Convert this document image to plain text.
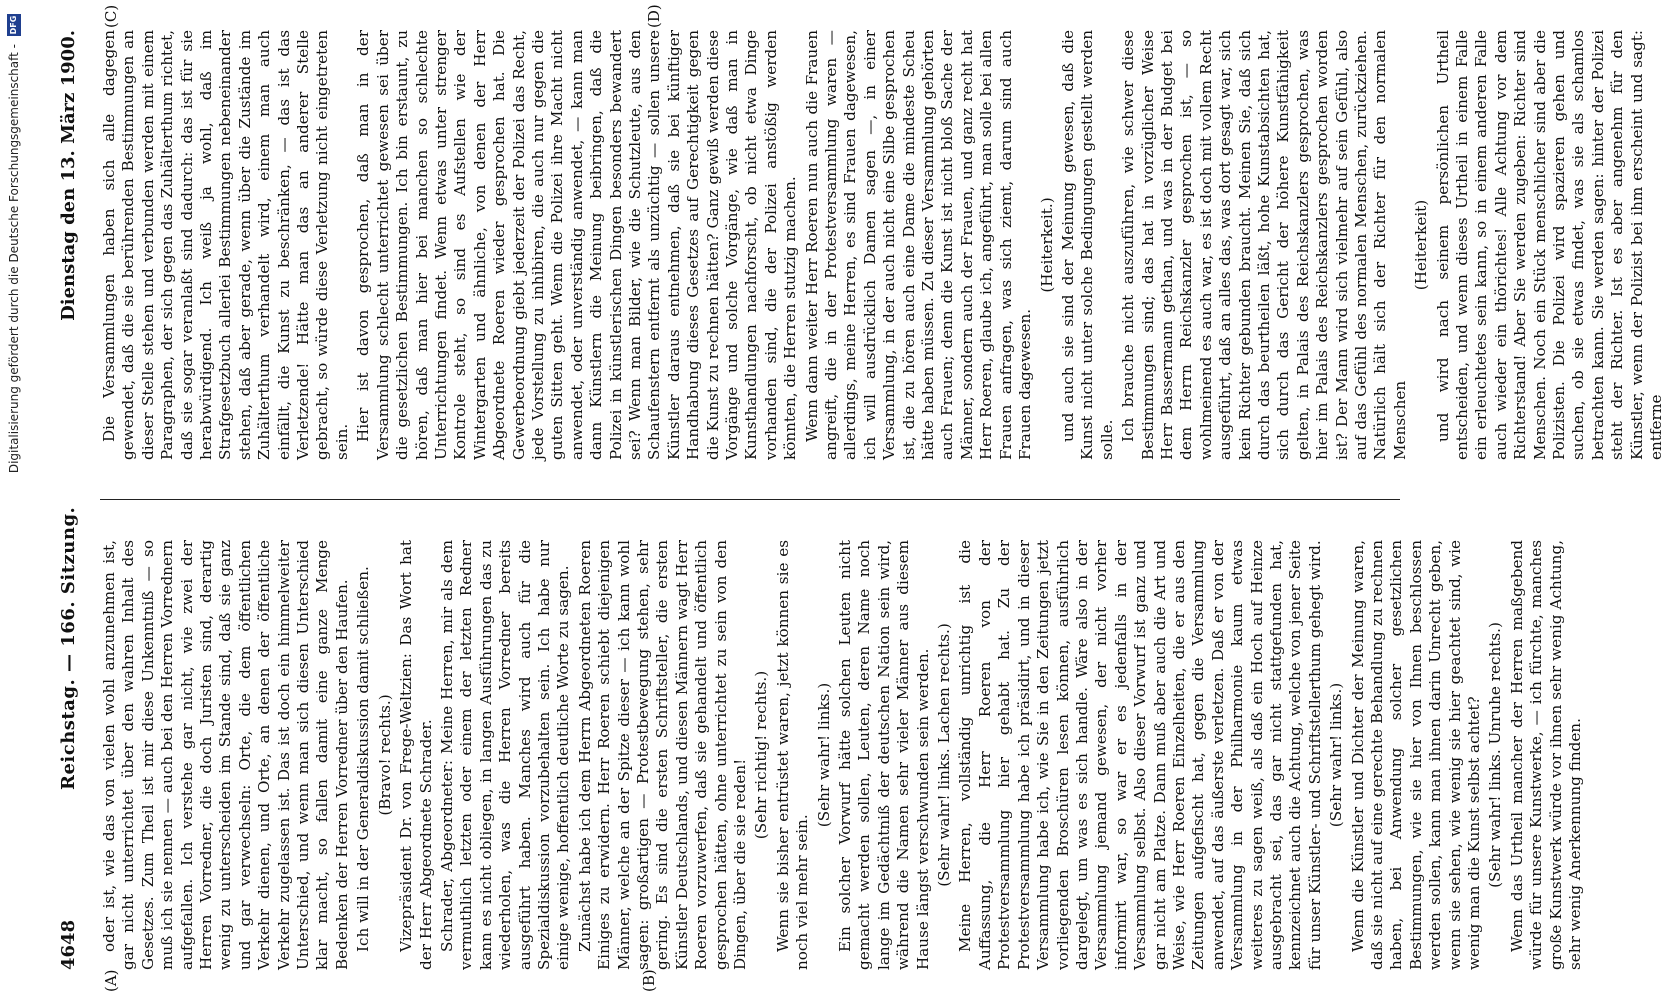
Digitalisierung gefördert durch die Deutsche Forschungsgemeinschaft -
DFG
4648
Reichstag. — 166. Sitzung.
Dienstag den 13. März 1900.
(A)	(B)
(C)	(D)

oder ist, wie das von vielen wohl anzunehmen ist, gar nicht unterrichtet über den wahren Inhalt des Gesetzes. Zum Theil ist mir diese Unkenntniß — so muß ich sie nennen — auch bei den Herren Vorrednern aufgefallen. Ich verstehe gar nicht, wie zwei der Herren Vorredner, die doch Juristen sind, derartig wenig zu unterscheiden im Stande sind, daß sie ganz und gar verwechseln: Orte, die dem öffentlichen Verkehr dienen, und Orte, an denen der öffentliche Verkehr zugelassen ist. Das ist doch ein himmelweiter Unterschied, und wenn man sich diesen Unterschied klar macht, so fallen damit eine ganze Menge Bedenken der Herren Vorredner über den Haufen. Ich will in der Generaldiskussion damit schließen. (Bravo! rechts.) Vizepräsident Dr. von Frege-Weltzien: Das Wort hat der Herr Abgeordnete Schrader. Schrader, Abgeordneter: Meine Herren, mir als dem vermuthlich letzten oder einem der letzten Redner kann es nicht obliegen, in langen Ausführungen das zu wiederholen, was die Herren Vorredner bereits ausgeführt haben. Manches wird auch für die Spezialdiskussion vorzubehalten sein. Ich habe nur einige wenige, hoffentlich deutliche Worte zu sagen. Zunächst habe ich dem Herrn Abgeordneten Roeren Einiges zu erwidern. Herr Roeren schiebt diejenigen Männer, welche an der Spitze dieser — ich kann wohl sagen: großartigen — Protestbewegung stehen, sehr gering. Es sind die ersten Schriftsteller, die ersten Künstler Deutschlands, und diesen Männern wagt Herr Roeren vorzuwerfen, daß sie gehandelt und öffentlich gesprochen hätten, ohne unterrichtet zu sein von den Dingen, über die sie reden!

(Sehr richtig! rechts.) Wenn sie bisher entrüstet waren, jetzt können sie es noch viel mehr sein.

(Sehr wahr! links.) Ein solcher Vorwurf hätte solchen Leuten nicht gemacht werden sollen, Leuten, deren Name noch lange im Gedächtniß der deutschen Nation sein wird, während die Namen sehr vieler Männer aus diesem Hause längst verschwunden sein werden. (Sehr wahr! links. Lachen rechts.) Meine Herren, vollständig unrichtig ist die Auffassung, die Herr Roeren von der Protestversammlung hier gehabt hat. Zu der Protestversammlung habe ich präsidirt, und in dieser Versammlung habe ich, wie Sie in den Zeitungen jetzt vorliegenden Broschüren lesen können, ausführlich dargelegt, um was es sich handle. Wäre also in der Versammlung jemand gewesen, der nicht vorher informirt war, so war er es jedenfalls in der Versammlung selbst. Also dieser Vorwurf ist ganz und gar nicht am Platze. Dann muß aber auch die Art und Weise, wie Herr Roeren Einzelheiten, die er aus den Zeitungen aufgefischt hat, gegen die Versammlung anwendet, auf das äußerste verletzen. Daß er von der Versammlung in der Philharmonie kaum etwas weiteres zu sagen weiß, als daß ein Hoch auf Heinze ausgebracht sei, das gar nicht stattgefunden hat, kennzeichnet auch die Achtung, welche von jener Seite für unser Künstler- und Schriftstellerthum gehegt wird. (Sehr wahr! links.) Wenn die Künstler und Dichter der Meinung waren, daß sie nicht auf eine gerechte Behandlung zu rechnen haben, bei Anwendung solcher gesetzlichen Bestimmungen, wie sie hier von Ihnen beschlossen werden sollen, kann man ihnen darin Unrecht geben, wenn sie sehen, wie wenig sie hier geachtet sind, wie wenig man die Kunst selbst achtet? (Sehr wahr! links. Unruhe rechts.) Wenn das Urtheil mancher der Herren maßgebend würde für unsere Kunstwerke, — ich fürchte, manches große Kunstwerk würde vor ihnen sehr wenig Achtung, sehr wenig Anerkennung finden.

Die Versammlungen haben sich alle dagegen gewendet, daß die sie berührenden Bestimmungen an dieser Stelle stehen und verbunden werden mit einem Paragraphen, der sich gegen das Zuhälterthum richtet, daß sie sogar veranlaßt sind dadurch: das ist für sie herabwürdigend. Ich weiß ja wohl, daß im Strafgesetzbuch allerlei Bestimmungen nebeneinander stehen, daß aber gerade, wenn über die Zustände im Zuhälterthum verhandelt wird, einem man auch einfällt, die Kunst zu beschränken, — das ist das Verletzende! Hätte man das an anderer Stelle gebracht, so würde diese Verletzung nicht eingetreten sein. Hier ist davon gesprochen, daß man in der Versammlung schlecht unterrichtet gewesen sei über die gesetzlichen Bestimmungen. Ich bin erstaunt, zu hören, daß man hier bei manchen so schlechte Unterrichtungen findet. Wenn etwas unter strenger Kontrole steht, so sind es Aufstellen wie der Wintergarten und ähnliche, von denen der Herr Abgeordnete Roeren wieder gesprochen hat. Die Gewerbeordnung giebt jederzeit der Polizei das Recht, jede Vorstellung zu inhibiren, die auch nur gegen die guten Sitten geht. Wenn die Polizei ihre Macht nicht anwendet, oder unverständig anwendet, — kann man dann Künstlern die Meinung beibringen, daß die Polizei in künstlerischen Dingen besonders bewandert sei? Wenn man Bilder, wie die Schutzleute, aus den Schaufenstern entfernt als unzüchtig — sollen unsere Künstler daraus entnehmen, daß sie bei künftiger Handhabung dieses Gesetzes auf Gerechtigkeit gegen die Kunst zu rechnen hätten? Ganz gewiß werden diese Vorgänge und solche Vorgänge, wie daß man in Kunsthandlungen nachforscht, ob nicht etwa Dinge vorhanden sind, die der Polizei anstößig werden könnten, die Herren stutzig machen. Wenn dann weiter Herr Roeren nun auch die Frauen angreift, die in der Protestversammlung waren — allerdings, meine Herren, es sind Frauen dagewesen, ich will ausdrücklich Damen sagen —, in einer Versammlung, in der auch nicht eine Silbe gesprochen ist, die zu hören auch eine Dame die mindeste Scheu hätte haben müssen. Zu dieser Versammlung gehörten auch Frauen; denn die Kunst ist nicht bloß Sache der Männer, sondern auch der Frauen, und ganz recht hat Herr Roeren, glaube ich, angeführt, man solle bei allen Frauen anfragen, was sich ziemt, darum sind auch Frauen dagewesen.

(Heiterkeit.) und auch sie sind der Meinung gewesen, daß die Kunst nicht unter solche Bedingungen gestellt werden solle. Ich brauche nicht auszuführen, wie schwer diese Bestimmungen sind; das hat in vorzüglicher Weise Herr Bassermann gethan, und was in der Budget bei dem Herrn Reichskanzler gesprochen ist, — so wohlmeinend es auch war, es ist doch mit vollem Recht ausgeführt, daß an alles das, was dort gesagt war, sich kein Richter gebunden braucht. Meinen Sie, daß sich durch das beurtheilen läßt, hohe Kunstabsichten hat, sich durch das Gericht der höhere Kunstfähigkeit gelten, in Palais des Reichskanzlers gesprochen, was hier im Palais des Reichskanzlers gesprochen worden ist? Der Mann wird sich vielmehr auf sein Gefühl, also auf das Gefühl des normalen Menschen, zurückziehen. Natürlich hält sich der Richter für den normalen Menschen

(Heiterkeit) und wird nach seinem persönlichen Urtheil entscheiden, und wenn dieses Urtheil in einem Falle ein erleuchtetes sein kann, so in einem anderen Falle auch wieder ein thörichtes! Alle Achtung vor dem Richterstand! Aber Sie werden zugeben: Richter sind Menschen. Noch ein Stück menschlicher sind aber die Polizisten. Die Polizei wird spazieren gehen und suchen, ob sie etwas findet, was sie als schamlos betrachten kann. Sie werden sagen: hinter der Polizei steht der Richter. Ist es aber angenehm für den Künstler, wenn der Polizist bei ihm erscheint und sagt: entferne
